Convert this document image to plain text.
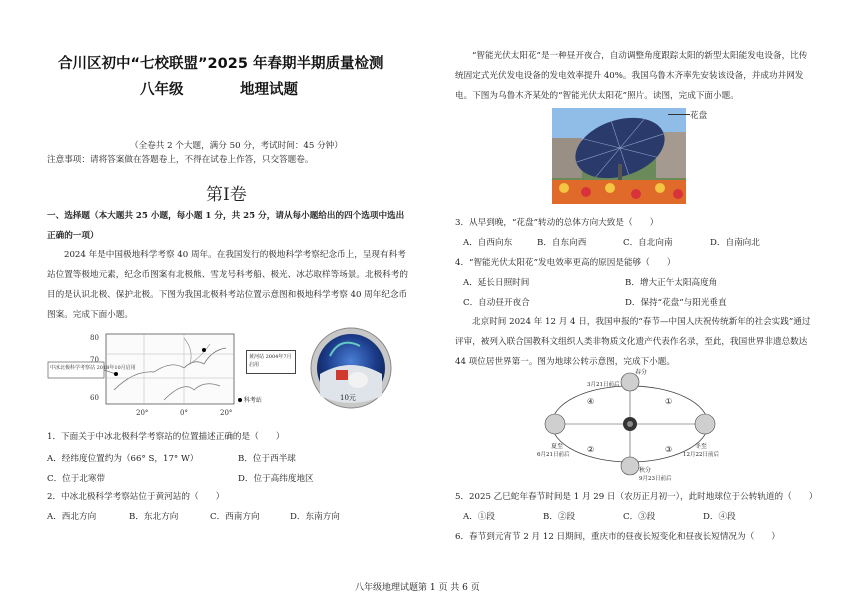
合川区初中“七校联盟”2025 年春期半期质量检测
八年级	地理试题
（全卷共 2 个大题，满分 50 分，考试时间：45 分钟）
注意事项：请将答案做在答题卷上，不得在试卷上作答，只交答题卷。
第Ⅰ卷
一、选择题（本大题共 25 小题，每小题 1 分，共 25 分，请从每小题给出的四个选项中选出正确的一项）
2024 年是中国极地科学考察 40 周年。在我国发行的极地科学考察纪念币上，呈现有科考站位置等极地元素，纪念币图案有北极熊、雪龙号科考船、极光、冰芯取样等场景。北极科考的目的是认识北极、保护北极。下图为我国北极科考站位置示意图和极地科学考察 40 周年纪念币图案。完成下面小题。
80
70
60
中冰北极科学考察站 2018年10月启用
20°	0°	20°
黄河站 2004年7月启用
科考站	10元
1．下面关于中冰北极科学考察站的位置描述正确的是（　　）
A．经纬度位置约为（66° S，17° W）	B．位于西半球
C．位于北寒带	D．位于高纬度地区
2．中冰北极科学考察站位于黄河站的（　　）
A．西北方向	B．东北方向	C．西南方向	D．东南方向
“智能光伏太阳花”是一种昼开夜合，自动调整角度跟踪太阳的新型太阳能发电设备，比传统固定式光伏发电设备的发电效率提升 40%。我国乌鲁木齐率先安装该设备，并成功并网发电。下图为乌鲁木齐某处的“智能光伏太阳花”照片。读图，完成下面小题。
花盘
3．从早到晚，“花盘”转动的总体方向大致是（　　）
A．自西向东	B．自东向西	C．自北向南	D．自南向北
4．“智能光伏太阳花”发电效率更高的原因是能够（　　）
A．延长日照时间	B．增大正午太阳高度角
C．自动昼开夜合	D．保持“花盘”与阳光垂直
北京时间 2024 年 12 月 4 日，我国申报的“春节—中国人庆祝传统新年的社会实践”通过评审，被列入联合国教科文组织人类非物质文化遗产代表作名录，至此，我国世界非遗总数达 44 项位居世界第一。图为地球公转示意图，完成下小题。
春分
3月21日前后
夏至
6月21日前后
秋分
9月23日前后
冬至
12月22日前后
④
②
①
③
5．2025 乙巳蛇年春节时间是 1 月 29 日（农历正月初一），此时地球位于公转轨道的（　　）
A．①段	B．②段	C．③段	D．④段
6．春节到元宵节 2 月 12 日期间，重庆市的昼夜长短变化和昼夜长短情况为（　　）
八年级地理试题第 1 页 共 6 页
